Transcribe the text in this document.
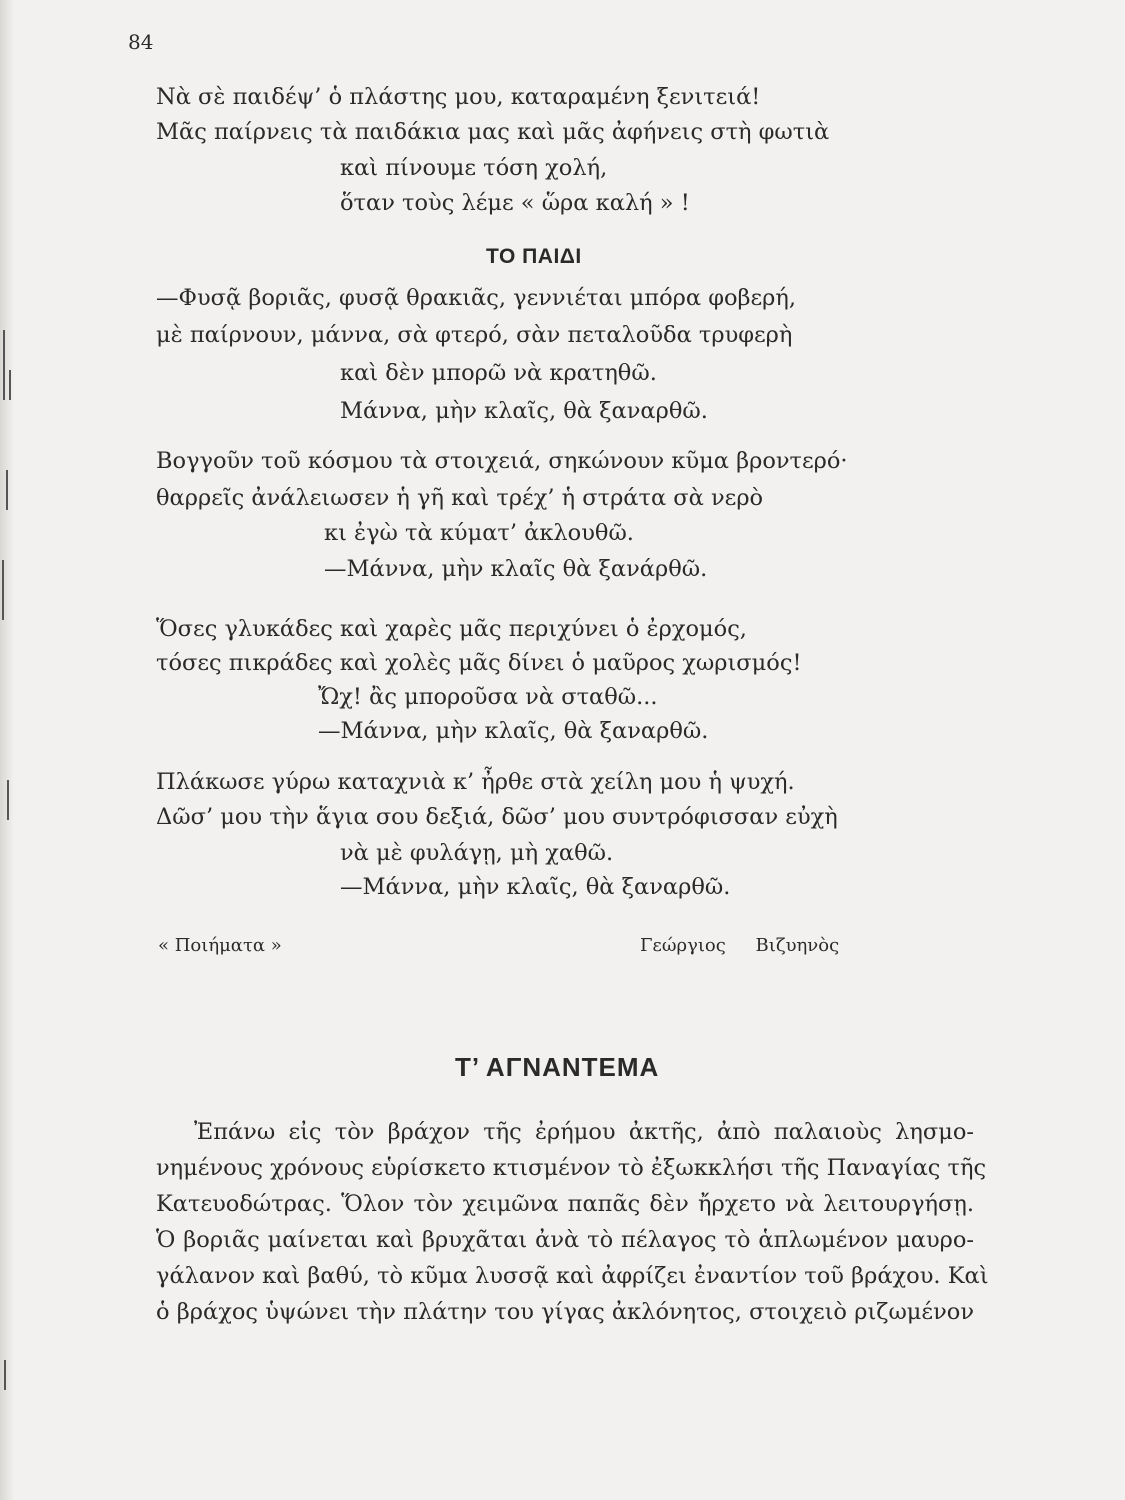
84
Νὰ σὲ παιδέψ’ ὁ πλάστης μου, καταραμένη ξενιτειά!
Μᾶς παίρνεις τὰ παιδάκια μας καὶ μᾶς ἀφήνεις στὴ φωτιὰ
καὶ πίνουμε τόση χολή,
ὅταν τοὺς λέμε « ὥρα καλή » !
ΤΟ ΠΑΙΔΙ
—Φυσᾷ βοριᾶς, φυσᾷ θρακιᾶς, γεννιέται μπόρα φοβερή,
μὲ παίρνουν, μάννα, σὰ φτερό, σὰν πεταλοῦδα τρυφερὴ
καὶ δὲν μπορῶ νὰ κρατηθῶ.
Μάννα, μὴν κλαῖς, θὰ ξαναρθῶ.
Βογγοῦν τοῦ κόσμου τὰ στοιχειά, σηκώνουν κῦμα βροντερό·
θαρρεῖς ἀνάλειωσεν ἡ γῆ καὶ τρέχ’ ἡ στράτα σὰ νερὸ
κι ἐγὼ τὰ κύματ’ ἀκλουθῶ.
—Μάννα, μὴν κλαῖς θὰ ξανάρθῶ.
Ὅσες γλυκάδες καὶ χαρὲς μᾶς περιχύνει ὁ ἐρχομός,
τόσες πικράδες καὶ χολὲς μᾶς δίνει ὁ μαῦρος χωρισμός!
Ὤχ! ἂς μποροῦσα νὰ σταθῶ...
—Μάννα, μὴν κλαῖς, θὰ ξαναρθῶ.
Πλάκωσε γύρω καταχνιὰ κ’ ἦρθε στὰ χείλη μου ἡ ψυχή.
Δῶσ’ μου τὴν ἅγια σου δεξιά, δῶσ’ μου συντρόφισσαν εὐχὴ
νὰ μὲ φυλάγῃ, μὴ χαθῶ.
—Μάννα, μὴν κλαῖς, θὰ ξαναρθῶ.
« Ποιήματα »	Γεώργιος Βιζυηνὸς
Τ’ ΑΓΝΑΝΤΕΜΑ
Ἐπάνω εἰς τὸν βράχον τῆς ἐρήμου ἀκτῆς, ἀπὸ παλαιοὺς λησμο-
νημένους χρόνους εὑρίσκετο κτισμένον τὸ ἐξωκκλήσι τῆς Παναγίας τῆς
Κατευοδώτρας. Ὅλον τὸν χειμῶνα παπᾶς δὲν ἤρχετο νὰ λειτουργήσῃ.
Ὁ βοριᾶς μαίνεται καὶ βρυχᾶται ἀνὰ τὸ πέλαγος τὸ ἁπλωμένον μαυρο-
γάλανον καὶ βαθύ, τὸ κῦμα λυσσᾷ καὶ ἀφρίζει ἐναντίον τοῦ βράχου. Καὶ
ὁ βράχος ὑψώνει τὴν πλάτην του γίγας ἀκλόνητος, στοιχειὸ ριζωμένον
